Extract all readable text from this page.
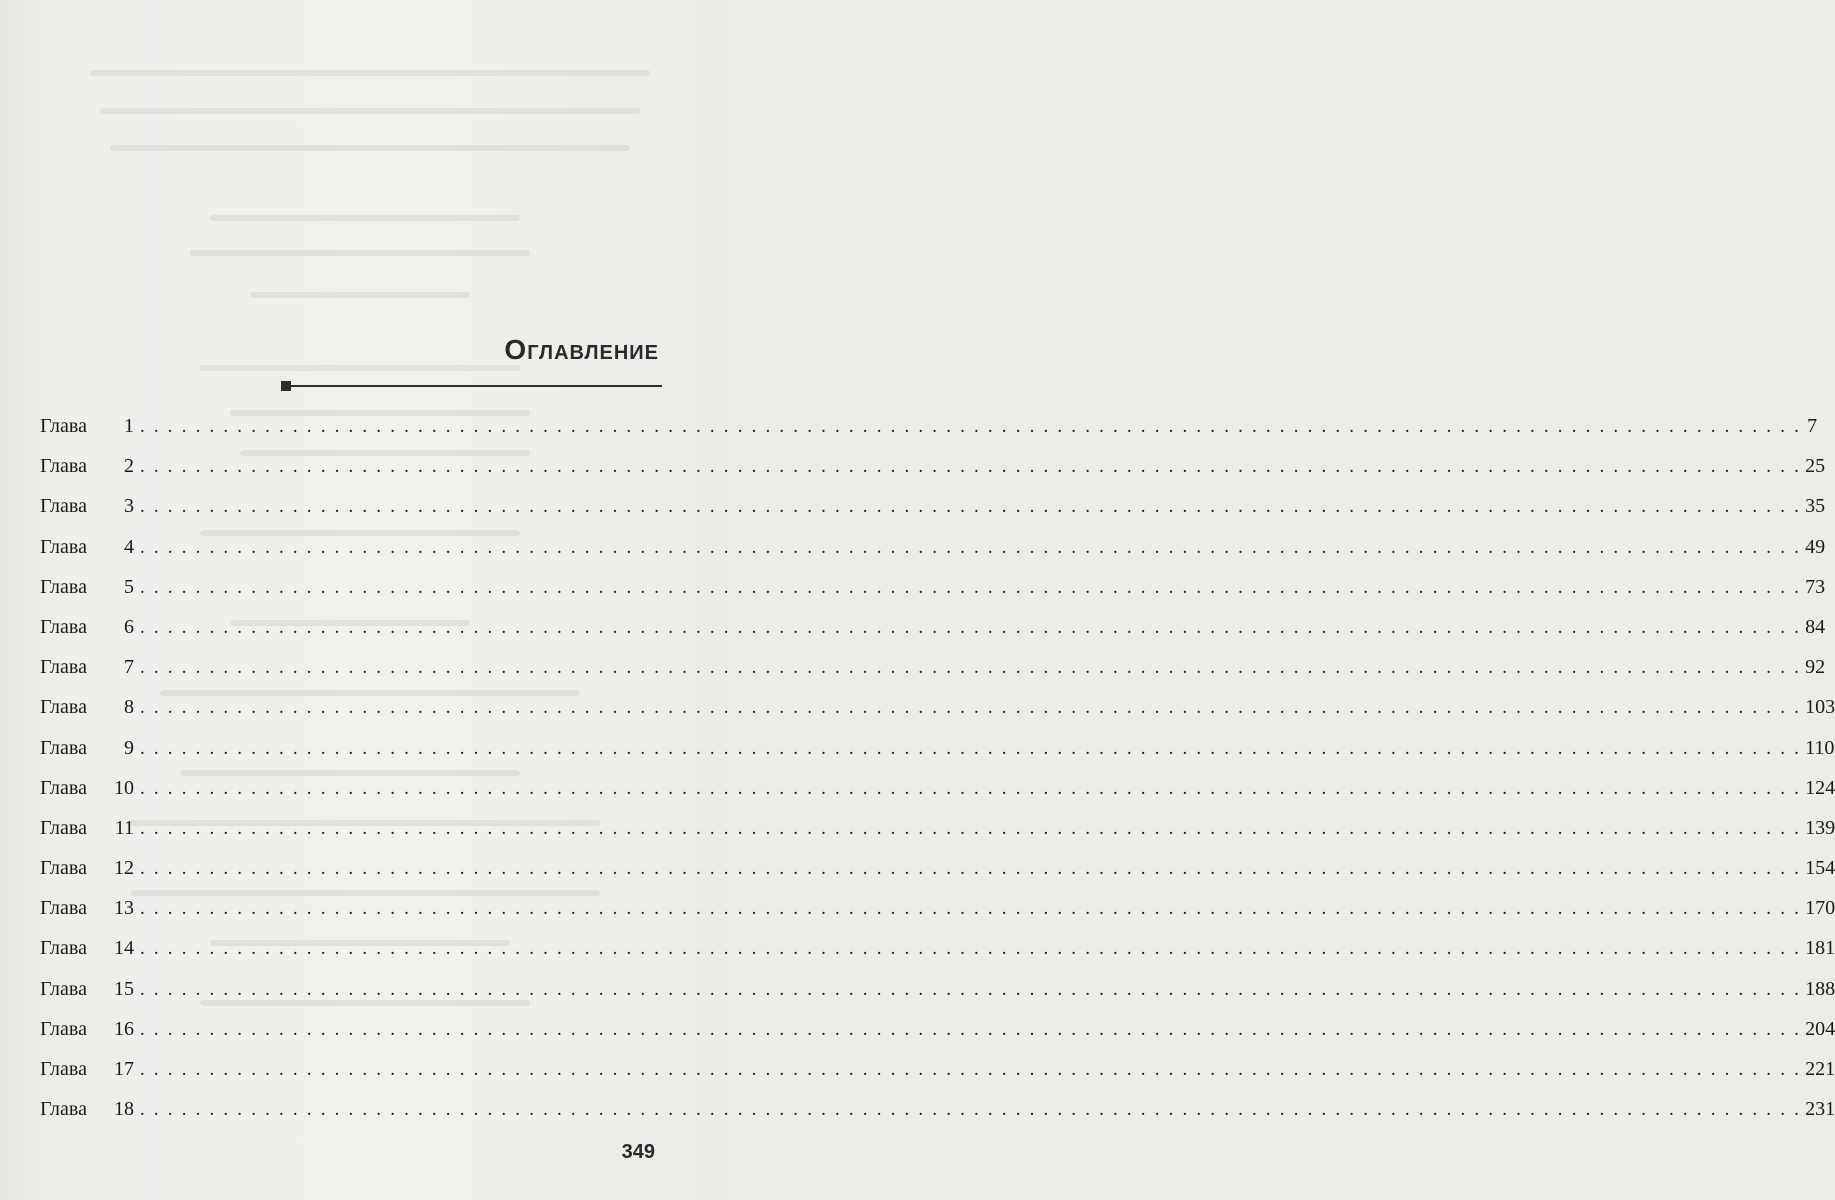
Оглавление
Глава	1 . . . . . . . . . . . . . . . . . . . . . . . . . . . . . . . . . . . . . . . . . . . . . . . . . . . . . . . . . . . . . . . . . . . . . . . . . . . . . . . . . . . . . . . . . . . . . . . . . . . . . . . . . . . . . . . . . . . . . . . . 7
Глава	2 . . . . . . . . . . . . . . . . . . . . . . . . . . . . . . . . . . . . . . . . . . . . . . . . . . . . . . . . . . . . . . . . . . . . . . . . . . . . . . . . . . . . . . . . . . . . . . . . . . . . . . . . . . . . . . . . . . . . . . . . 25
Глава	3 . . . . . . . . . . . . . . . . . . . . . . . . . . . . . . . . . . . . . . . . . . . . . . . . . . . . . . . . . . . . . . . . . . . . . . . . . . . . . . . . . . . . . . . . . . . . . . . . . . . . . . . . . . . . . . . . . . . . . . . . 35
Глава	4 . . . . . . . . . . . . . . . . . . . . . . . . . . . . . . . . . . . . . . . . . . . . . . . . . . . . . . . . . . . . . . . . . . . . . . . . . . . . . . . . . . . . . . . . . . . . . . . . . . . . . . . . . . . . . . . . . . . . . . . . 49
Глава	5 . . . . . . . . . . . . . . . . . . . . . . . . . . . . . . . . . . . . . . . . . . . . . . . . . . . . . . . . . . . . . . . . . . . . . . . . . . . . . . . . . . . . . . . . . . . . . . . . . . . . . . . . . . . . . . . . . . . . . . . . 73
Глава	6 . . . . . . . . . . . . . . . . . . . . . . . . . . . . . . . . . . . . . . . . . . . . . . . . . . . . . . . . . . . . . . . . . . . . . . . . . . . . . . . . . . . . . . . . . . . . . . . . . . . . . . . . . . . . . . . . . . . . . . . . 84
Глава	7 . . . . . . . . . . . . . . . . . . . . . . . . . . . . . . . . . . . . . . . . . . . . . . . . . . . . . . . . . . . . . . . . . . . . . . . . . . . . . . . . . . . . . . . . . . . . . . . . . . . . . . . . . . . . . . . . . . . . . . . . 92
Глава	8 . . . . . . . . . . . . . . . . . . . . . . . . . . . . . . . . . . . . . . . . . . . . . . . . . . . . . . . . . . . . . . . . . . . . . . . . . . . . . . . . . . . . . . . . . . . . . . . . . . . . . . . . . . . . . . . . . . . . . . . . 103
Глава	9 . . . . . . . . . . . . . . . . . . . . . . . . . . . . . . . . . . . . . . . . . . . . . . . . . . . . . . . . . . . . . . . . . . . . . . . . . . . . . . . . . . . . . . . . . . . . . . . . . . . . . . . . . . . . . . . . . . . . . . . . 110
Глава	10 . . . . . . . . . . . . . . . . . . . . . . . . . . . . . . . . . . . . . . . . . . . . . . . . . . . . . . . . . . . . . . . . . . . . . . . . . . . . . . . . . . . . . . . . . . . . . . . . . . . . . . . . . . . . . . . . . . . . . . . . 124
Глава	11 . . . . . . . . . . . . . . . . . . . . . . . . . . . . . . . . . . . . . . . . . . . . . . . . . . . . . . . . . . . . . . . . . . . . . . . . . . . . . . . . . . . . . . . . . . . . . . . . . . . . . . . . . . . . . . . . . . . . . . . . 139
Глава	12 . . . . . . . . . . . . . . . . . . . . . . . . . . . . . . . . . . . . . . . . . . . . . . . . . . . . . . . . . . . . . . . . . . . . . . . . . . . . . . . . . . . . . . . . . . . . . . . . . . . . . . . . . . . . . . . . . . . . . . . . 154
Глава	13 . . . . . . . . . . . . . . . . . . . . . . . . . . . . . . . . . . . . . . . . . . . . . . . . . . . . . . . . . . . . . . . . . . . . . . . . . . . . . . . . . . . . . . . . . . . . . . . . . . . . . . . . . . . . . . . . . . . . . . . . 170
Глава	14 . . . . . . . . . . . . . . . . . . . . . . . . . . . . . . . . . . . . . . . . . . . . . . . . . . . . . . . . . . . . . . . . . . . . . . . . . . . . . . . . . . . . . . . . . . . . . . . . . . . . . . . . . . . . . . . . . . . . . . . . 181
Глава	15 . . . . . . . . . . . . . . . . . . . . . . . . . . . . . . . . . . . . . . . . . . . . . . . . . . . . . . . . . . . . . . . . . . . . . . . . . . . . . . . . . . . . . . . . . . . . . . . . . . . . . . . . . . . . . . . . . . . . . . . . 188
Глава	16 . . . . . . . . . . . . . . . . . . . . . . . . . . . . . . . . . . . . . . . . . . . . . . . . . . . . . . . . . . . . . . . . . . . . . . . . . . . . . . . . . . . . . . . . . . . . . . . . . . . . . . . . . . . . . . . . . . . . . . . . 204
Глава	17 . . . . . . . . . . . . . . . . . . . . . . . . . . . . . . . . . . . . . . . . . . . . . . . . . . . . . . . . . . . . . . . . . . . . . . . . . . . . . . . . . . . . . . . . . . . . . . . . . . . . . . . . . . . . . . . . . . . . . . . . 221
Глава	18 . . . . . . . . . . . . . . . . . . . . . . . . . . . . . . . . . . . . . . . . . . . . . . . . . . . . . . . . . . . . . . . . . . . . . . . . . . . . . . . . . . . . . . . . . . . . . . . . . . . . . . . . . . . . . . . . . . . . . . . . 231
349
